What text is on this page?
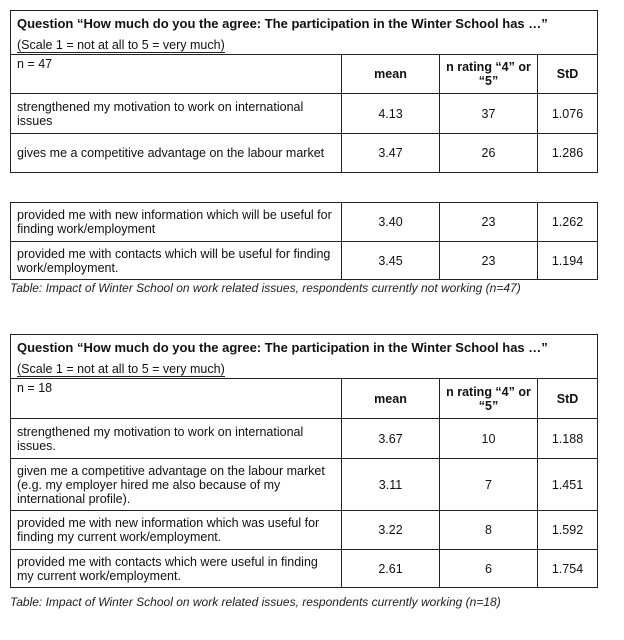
Question “How much do you the agree: The participation in the Winter School has …”			
(Scale 1 = not at all to 5 = very much)			
n = 47	mean	n rating “4” or “5”	StD
strengthened my motivation to work on international issues	4.13	37	1.076
gives me a competitive advantage on the labour market	3.47	26	1.286
provided me with new information which will be useful for finding work/employment	3.40	23	1.262
provided me with contacts which will be useful for finding work/employment.	3.45	23	1.194
Table: Impact of Winter School on work related issues, respondents currently not working (n=47)
Question “How much do you the agree: The participation in the Winter School has …”			
(Scale 1 = not at all to 5 = very much)			
n = 18	mean	n rating “4” or “5”	StD
strengthened my motivation to work on international issues.	3.67	10	1.188
given me a competitive advantage on the labour market (e.g. my employer hired me also because of my international profile).	3.11	7	1.451
provided me with new information which was useful for finding my current work/employment.	3.22	8	1.592
provided me with contacts which were useful in finding my current work/employment.	2.61	6	1.754
Table: Impact of Winter School on work related issues, respondents currently working (n=18)
